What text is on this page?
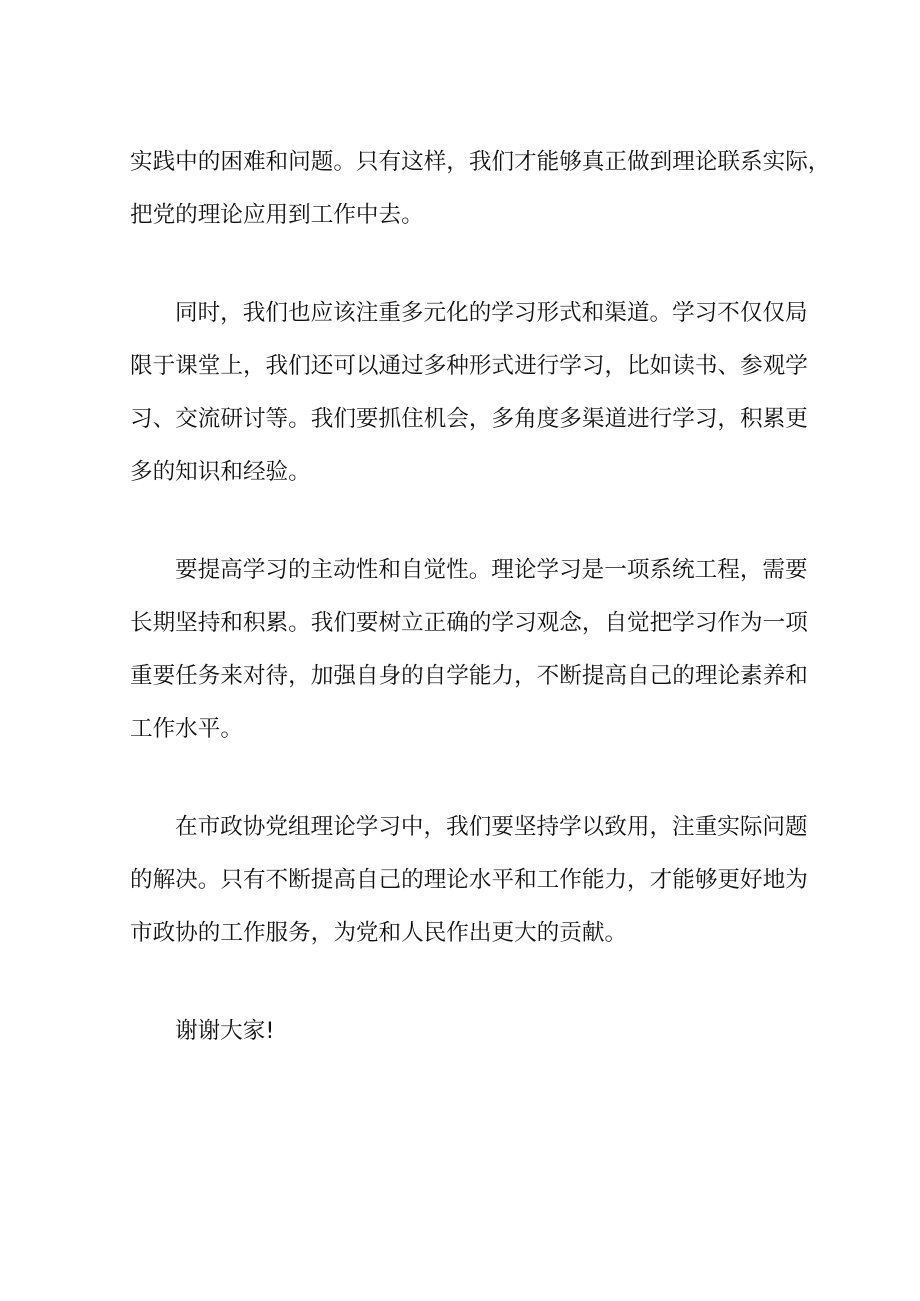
实践中的困难和问题。只有这样，我们才能够真正做到理论联系实际，
把党的理论应用到工作中去。
同时，我们也应该注重多元化的学习形式和渠道。学习不仅仅局
限于课堂上，我们还可以通过多种形式进行学习，比如读书、参观学
习、交流研讨等。我们要抓住机会，多角度多渠道进行学习，积累更
多的知识和经验。
要提高学习的主动性和自觉性。理论学习是一项系统工程，需要
长期坚持和积累。我们要树立正确的学习观念，自觉把学习作为一项
重要任务来对待，加强自身的自学能力，不断提高自己的理论素养和
工作水平。
在市政协党组理论学习中，我们要坚持学以致用，注重实际问题
的解决。只有不断提高自己的理论水平和工作能力，才能够更好地为
市政协的工作服务，为党和人民作出更大的贡献。
谢谢大家!
